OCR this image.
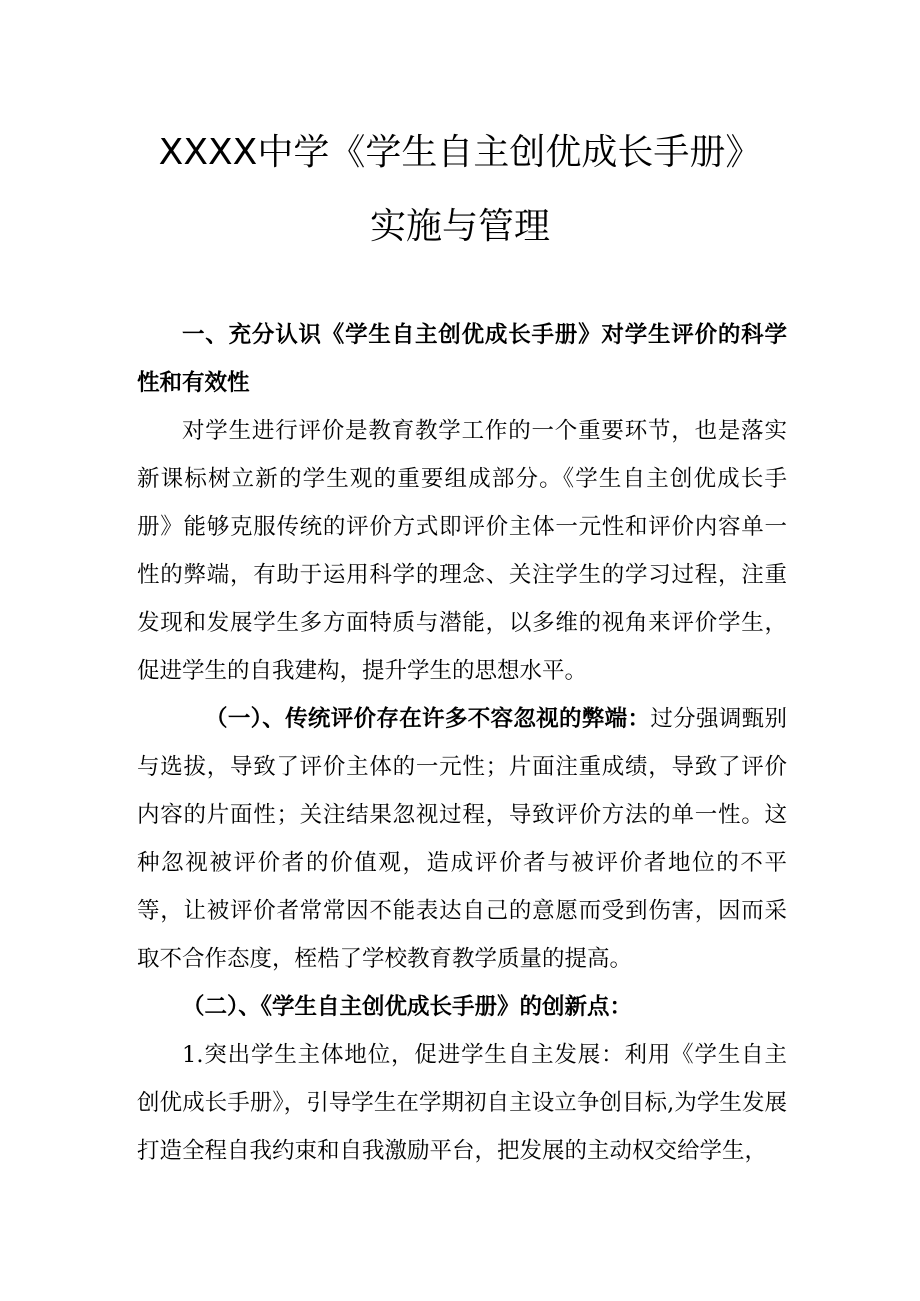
XXXX中学《学生自主创优成长手册》
实施与管理

一、充分认识《学生自主创优成长手册》对学生评价的科学性和有效性

对学生进行评价是教育教学工作的一个重要环节，也是落实新课标树立新的学生观的重要组成部分。《学生自主创优成长手册》能够克服传统的评价方式即评价主体一元性和评价内容单一性的弊端，有助于运用科学的理念、关注学生的学习过程，注重发现和发展学生多方面特质与潜能，以多维的视角来评价学生，促进学生的自我建构，提升学生的思想水平。

（一）、传统评价存在许多不容忽视的弊端：过分强调甄别与选拔，导致了评价主体的一元性；片面注重成绩，导致了评价内容的片面性；关注结果忽视过程，导致评价方法的单一性。这种忽视被评价者的价值观，造成评价者与被评价者地位的不平等，让被评价者常常因不能表达自己的意愿而受到伤害，因而采取不合作态度，桎梏了学校教育教学质量的提高。

（二）、《学生自主创优成长手册》的创新点：

1.突出学生主体地位，促进学生自主发展：利用《学生自主创优成长手册》，引导学生在学期初自主设立争创目标,为学生发展打造全程自我约束和自我激励平台，把发展的主动权交给学生，
